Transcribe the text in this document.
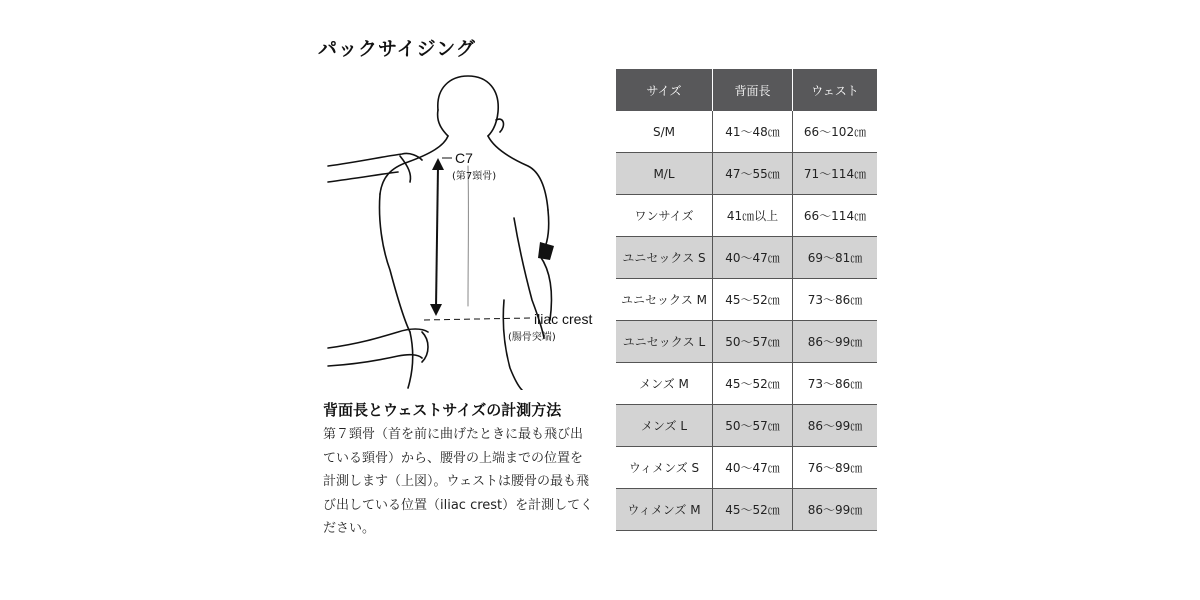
パックサイジング
C7
(第7頸骨)
iliac crest
(腸骨突端)
背面長とウェストサイズの計測方法
第７頸骨（首を前に曲げたときに最も飛び出ている頸骨）から、腰骨の上端までの位置を計測します（上図）。ウェストは腰骨の最も飛び出している位置（iliac crest）を計測してください。
サイズ	背面長	ウェスト
S/M	41〜48㎝	66〜102㎝
M/L	47〜55㎝	71〜114㎝
ワンサイズ	41㎝以上	66〜114㎝
ユニセックス S	40〜47㎝	69〜81㎝
ユニセックス M	45〜52㎝	73〜86㎝
ユニセックス L	50〜57㎝	86〜99㎝
メンズ M	45〜52㎝	73〜86㎝
メンズ L	50〜57㎝	86〜99㎝
ウィメンズ S	40〜47㎝	76〜89㎝
ウィメンズ M	45〜52㎝	86〜99㎝
